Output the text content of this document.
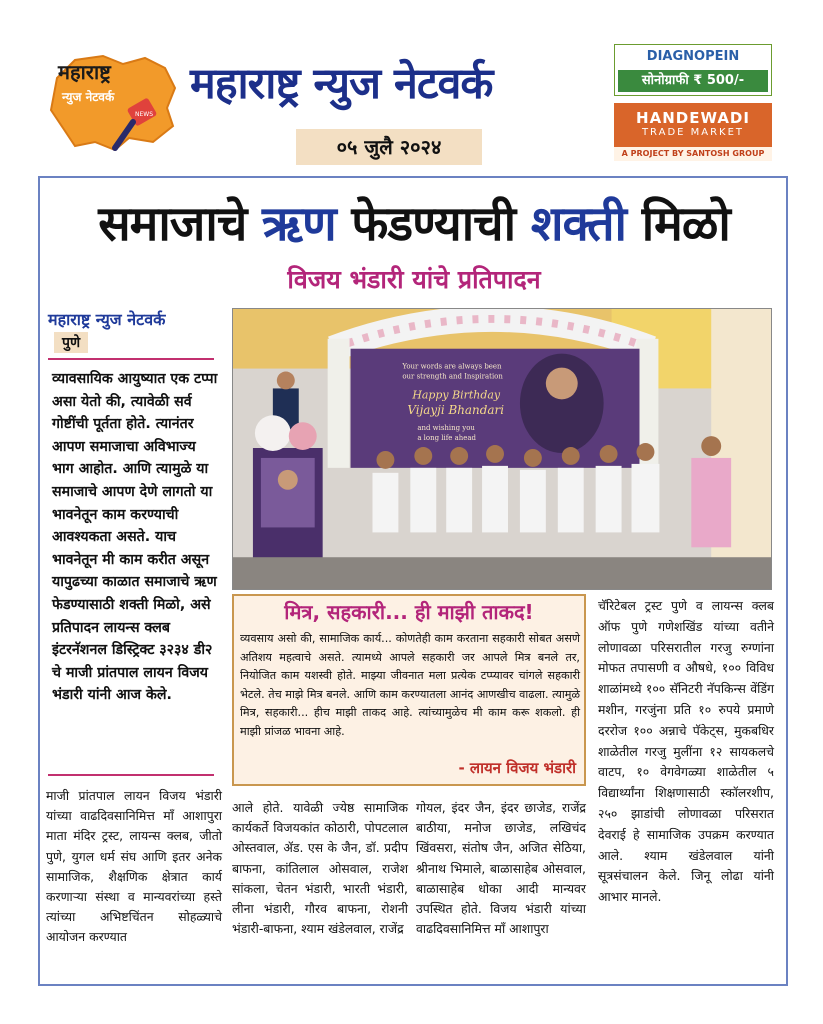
NEWS
महाराष्ट्र
न्युज नेटवर्क महाराष्ट्र न्युज नेटवर्क
०५ जुलै २०२४
DIAGNOPEIN
सोनोग्राफी ₹ 500/-
HANDEWADI
TRADE MARKET
A PROJECT BY SANTOSH GROUP
समाजाचे ऋण फेडण्याची शक्ती मिळो
विजय भंडारी यांचे प्रतिपादन
महाराष्ट्र न्युज नेटवर्क
पुणे
व्यावसायिक आयुष्यात एक टप्पा असा येतो की, त्यावेळी सर्व गोष्टींची पूर्तता होते. त्यानंतर आपण समाजाचा अविभाज्य भाग आहोत. आणि त्यामुळे या समाजाचे आपण देणे लागतो या भावनेतून काम करण्याची आवश्यकता असते. याच भावनेतून मी काम करीत असून यापुढच्या काळात समाजाचे ऋण फेडण्यासाठी शक्ती मिळो, असे प्रतिपादन लायन्स क्लब इंटरनॅशनल डिस्ट्रिक्ट ३२३४ डी२ चे माजी प्रांतपाल लायन विजय भंडारी यांनी आज केले.
Your words are always been
our strength and Inspiration
Happy Birthday
Vijayji Bhandari
and wishing you
a long life ahead
मित्र, सहकारी... ही माझी ताकद!
व्यवसाय असो की, सामाजिक कार्य... कोणतेही काम करताना सहकारी सोबत असणे अतिशय महत्वाचे असते. त्यामध्ये आपले सहकारी जर आपले मित्र बनले तर, नियोजित काम यशस्वी होते. माझ्या जीवनात मला प्रत्येक टप्प्यावर चांगले सहकारी भेटले. तेच माझे मित्र बनले. आणि काम करण्यातला आनंद आणखीच वाढला. त्यामुळे मित्र, सहकारी... हीच माझी ताकद आहे. त्यांच्यामुळेच मी काम करू शकलो. ही माझी प्रांजळ भावना आहे.
- लायन विजय भंडारी
चॅरिटेबल ट्रस्ट पुणे व लायन्स क्लब ऑफ पुणे गणेशखिंड यांच्या वतीने लोणावळा परिसरातील गरजु रुग्णांना मोफत तपासणी व औषधे, १०० विविध शाळांमध्ये १०० सॅनिटरी नॅपकिन्स वेंडिंग मशीन, गरजुंना प्रति १० रुपये प्रमाणे दररोज १०० अन्नाचे पॅकेट्स, मुकबधिर शाळेतील गरजु मुलींना १२ सायकलचे वाटप, १० वेगवेगळ्या शाळेतील ५ विद्यार्थ्यांना शिक्षणासाठी स्कॉलरशीप, २५० झाडांची लोणावळा परिसरात देवराई हे सामाजिक उपक्रम करण्यात आले. श्याम खंडेलवाल यांनी सूत्रसंचालन केले. जिनू लोढा यांनी आभार मानले.
माजी प्रांतपाल लायन विजय भंडारी यांच्या वाढदिवसानिमित्त माँ आशापुरा माता मंदिर ट्रस्ट, लायन्स क्लब, जीतो पुणे, युगल धर्म संघ आणि इतर अनेक सामाजिक, शैक्षणिक क्षेत्रात कार्य करणाऱ्या संस्था व मान्यवरांच्या हस्ते त्यांच्या अभिष्टचिंतन सोहळ्याचे आयोजन करण्यात
आले होते. यावेळी ज्येष्ठ सामाजिक कार्यकर्ते विजयकांत कोठारी, पोपटलाल ओस्तवाल, ॲड. एस के जैन, डॉ. प्रदीप बाफना, कांतिलाल ओसवाल, राजेश सांकला, चेतन भंडारी, भारती भंडारी, लीना भंडारी, गौरव बाफना, रोशनी भंडारी-बाफना, श्याम खंडेलवाल, राजेंद्र
गोयल, इंदर जैन, इंदर छाजेड, राजेंद्र बाठीया, मनोज छाजेड, लखिचंद खिंवसरा, संतोष जैन, अजित सेठिया, श्रीनाथ भिमाले, बाळासाहेब ओसवाल, बाळासाहेब धोका आदी मान्यवर उपस्थित होते. विजय भंडारी यांच्या वाढदिवसानिमित्त माँ आशापुरा
